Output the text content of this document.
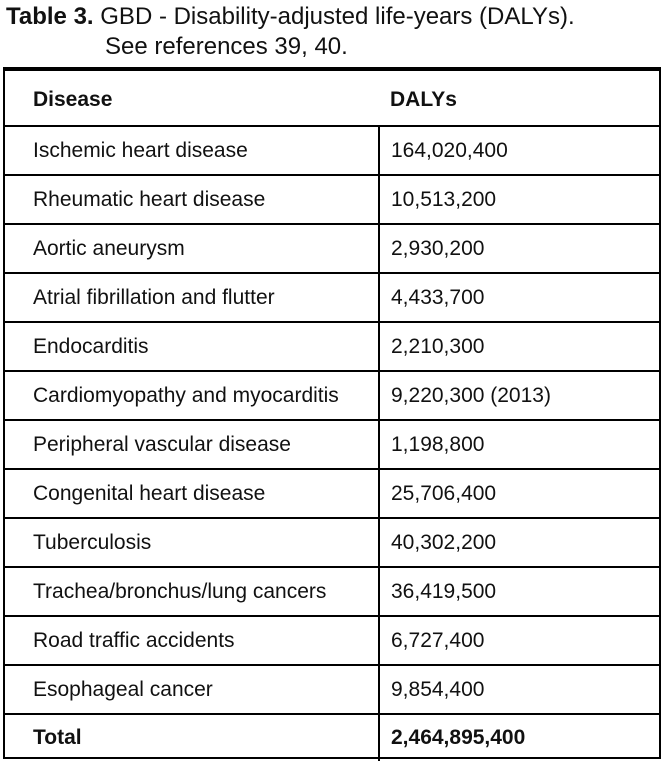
Table 3. GBD - Disability-adjusted life-years (DALYs).
See references 39, 40.
Disease	DALYs
Ischemic heart disease	164,020,400
Rheumatic heart disease	10,513,200
Aortic aneurysm	2,930,200
Atrial fibrillation and flutter	4,433,700
Endocarditis	2,210,300
Cardiomyopathy and myocarditis	9,220,300 (2013)
Peripheral vascular disease	1,198,800
Congenital heart disease	25,706,400
Tuberculosis	40,302,200
Trachea/bronchus/lung cancers	36,419,500
Road traffic accidents	6,727,400
Esophageal cancer	9,854,400
Total	2,464,895,400
